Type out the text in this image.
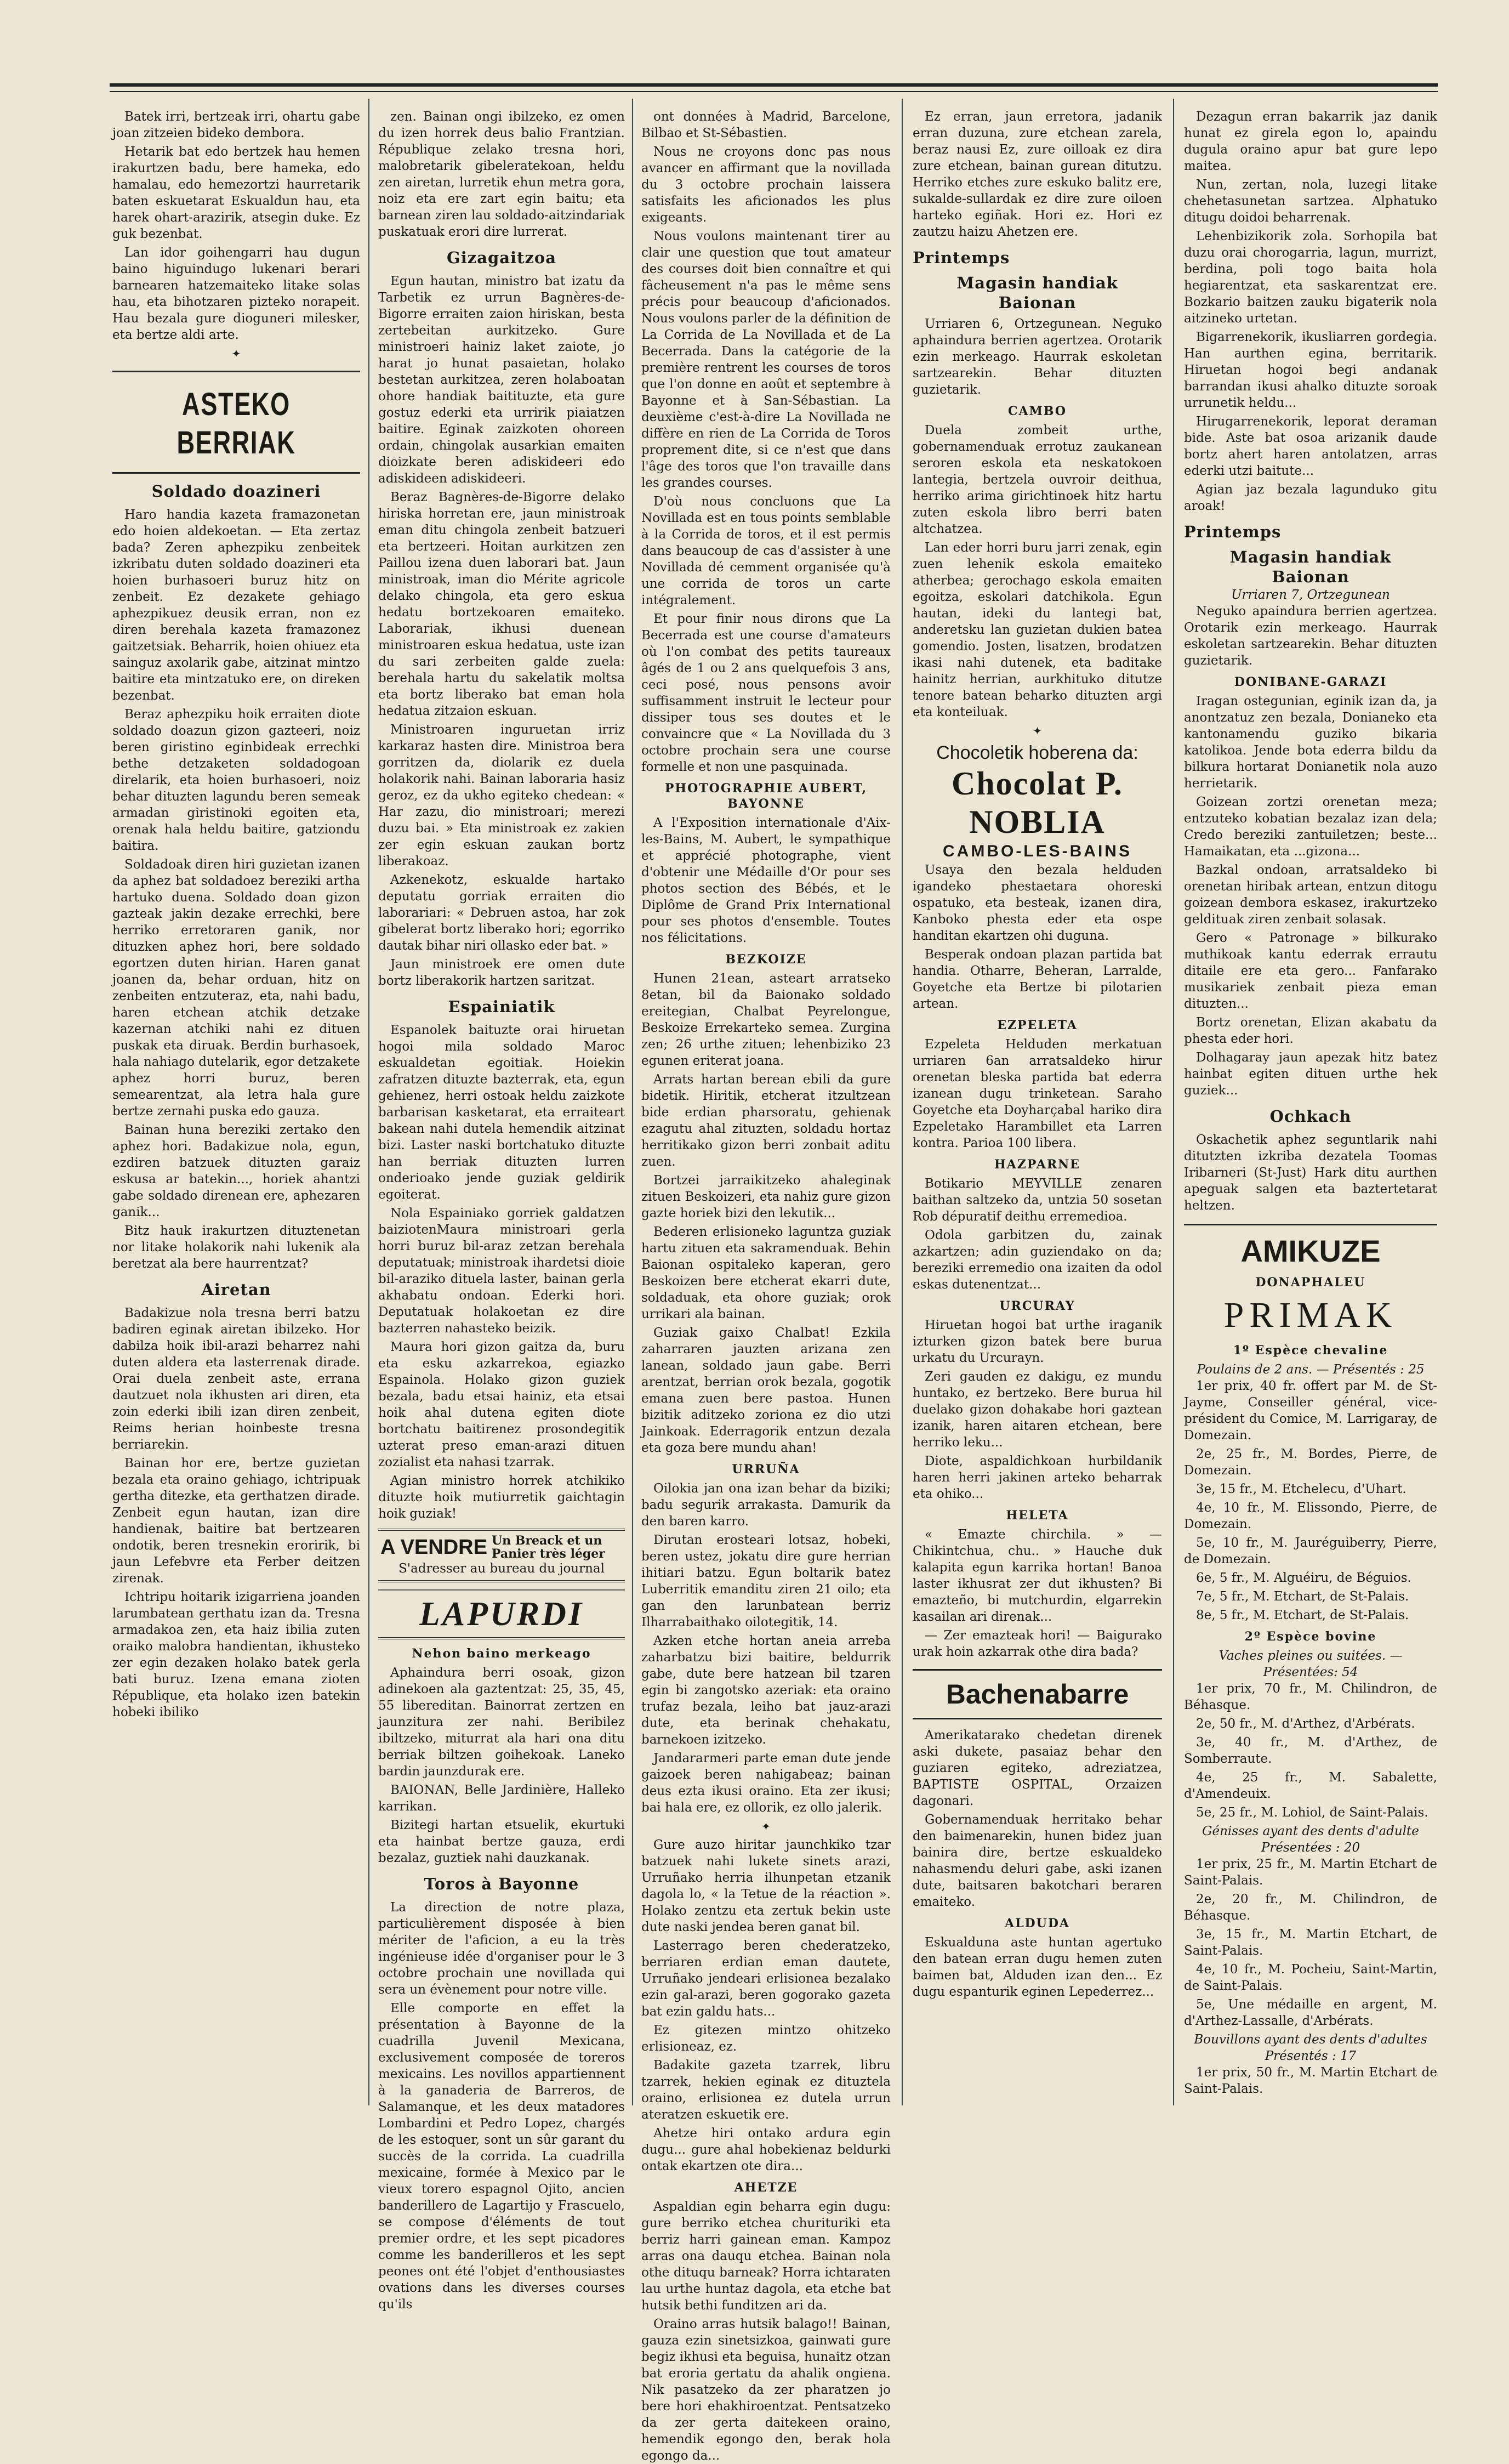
Batek irri, bertzeak irri, ohartu gabe joan zitzeien bideko dembora.

Hetarik bat edo bertzek hau hemen irakurtzen badu, bere hameka, edo hamalau, edo hemezortzi haurretarik baten eskuetarat Eskualdun hau, eta harek ohart-arazirik, atsegin duke. Ez guk bezenbat.

Lan idor goihengarri hau dugun baino higuindugo lukenari berari barnearen hatzemaiteko litake solas hau, eta bihotzaren pizteko norapeit. Hau bezala gure dioguneri milesker, eta bertze aldi arte.

✦
ASTEKO BERRIAK
Soldado doazineri

Haro handia kazeta framazonetan edo hoien aldekoetan. — Eta zertaz bada? Zeren aphezpiku zenbeitek izkribatu duten soldado doazineri eta hoien burhasoeri buruz hitz on zenbeit. Ez dezakete gehiago aphezpikuez deusik erran, non ez diren berehala kazeta framazonez gaitzetsiak. Beharrik, hoien ohiuez eta sainguz axolarik gabe, aitzinat mintzo baitire eta mintzatuko ere, on direken bezenbat.

Beraz aphezpiku hoik erraiten diote soldado doazun gizon gazteeri, noiz beren giristino eginbideak errechki bethe detzaketen soldadogoan direlarik, eta hoien burhasoeri, noiz behar dituzten lagundu beren semeak armadan giristinoki egoiten eta, orenak hala heldu baitire, gatziondu baitira.

Soldadoak diren hiri guzietan izanen da aphez bat soldadoez bereziki artha hartuko duena. Soldado doan gizon gazteak jakin dezake errechki, bere herriko erretoraren ganik, nor dituzken aphez hori, bere soldado egortzen duten hirian. Haren ganat joanen da, behar orduan, hitz on zenbeiten entzuteraz, eta, nahi badu, haren etchean atchik detzake kazernan atchiki nahi ez dituen puskak eta diruak. Berdin burhasoek, hala nahiago dutelarik, egor detzakete aphez horri buruz, beren semearentzat, ala letra hala gure bertze zernahi puska edo gauza.

Bainan huna bereziki zertako den aphez hori. Badakizue nola, egun, ezdiren batzuek dituzten garaiz eskusa ar batekin..., horiek ahantzi gabe soldado direnean ere, aphezaren ganik...

Bitz hauk irakurtzen dituztenetan nor litake holakorik nahi lukenik ala beretzat ala bere haurrentzat?

Airetan

Badakizue nola tresna berri batzu badiren eginak airetan ibilzeko. Hor dabilza hoik ibil-arazi beharrez nahi duten aldera eta lasterrenak dirade. Orai duela zenbeit aste, errana dautzuet nola ikhusten ari diren, eta zoin ederki ibili izan diren zenbeit, Reims herian hoinbeste tresna berriarekin.

Bainan hor ere, bertze guzietan bezala eta oraino gehiago, ichtripuak gertha ditezke, eta gerthatzen dirade. Zenbeit egun hautan, izan dire handienak, baitire bat bertzearen ondotik, beren tresnekin eroririk, bi jaun Lefebvre eta Ferber deitzen zirenak.

Ichtripu hoitarik izigarriena joanden larumbatean gerthatu izan da. Tresna armadakoa zen, eta haiz ibilia zuten oraiko malobra handientan, ikhusteko zer egin dezaken holako batek gerla bati buruz. Izena emana zioten République, eta holako izen batekin hobeki ibiliko

zen. Bainan ongi ibilzeko, ez omen du izen horrek deus balio Frantzian. République zelako tresna hori, malobretarik gibeleratekoan, heldu zen airetan, lurretik ehun metra gora, noiz eta ere zart egin baitu; eta barnean ziren lau soldado-aitzindariak puskatuak erori dire lurrerat.

Gizagaitzoa

Egun hautan, ministro bat izatu da Tarbetik ez urrun Bagnères-de-Bigorre erraiten zaion hiriskan, besta zertebeitan aurkitzeko. Gure ministroeri hainiz laket zaiote, jo harat jo hunat pasaietan, holako bestetan aurkitzea, zeren holaboatan ohore handiak baitituzte, eta gure gostuz ederki eta urririk piaiatzen baitire. Eginak zaizkoten ohoreen ordain, chingolak ausarkian emaiten dioizkate beren adiskideeri edo adiskideen adiskideeri.

Beraz Bagnères-de-Bigorre delako hiriska horretan ere, jaun ministroak eman ditu chingola zenbeit batzueri eta bertzeeri. Hoitan aurkitzen zen Paillou izena duen laborari bat. Jaun ministroak, iman dio Mérite agricole delako chingola, eta gero eskua hedatu bortzekoaren emaiteko. Laborariak, ikhusi duenean ministroaren eskua hedatua, uste izan du sari zerbeiten galde zuela: berehala hartu du sakelatik moltsa eta bortz liberako bat eman hola hedatua zitzaion eskuan.

Ministroaren inguruetan irriz karkaraz hasten dire. Ministroa bera gorritzen da, diolarik ez duela holakorik nahi. Bainan laboraria hasiz geroz, ez da ukho egiteko chedean: « Har zazu, dio ministroari; merezi duzu bai. » Eta ministroak ez zakien zer egin eskuan zaukan bortz liberakoaz.

Azkenekotz, eskualde hartako deputatu gorriak erraiten dio laborariari: « Debruen astoa, har zok gibelerat bortz liberako hori; egorriko dautak bihar niri ollasko eder bat. »

Jaun ministroek ere omen dute bortz liberakorik hartzen saritzat.

Espainiatik

Espanolek baituzte orai hiruetan hogoi mila soldado Maroc eskualdetan egoitiak. Hoiekin zafratzen dituzte bazterrak, eta, egun gehienez, herri ostoak heldu zaizkote barbarisan kasketarat, eta erraiteart bakean nahi dutela hemendik aitzinat bizi. Laster naski bortchatuko dituzte han berriak dituzten lurren onderioako jende guziak geldirik egoiterat.

Nola Espainiako gorriek galdatzen baiziotenMaura ministroari gerla horri buruz bil-araz zetzan berehala deputatuak; ministroak ihardetsi dioie bil-araziko dituela laster, bainan gerla akhabatu ondoan. Ederki hori. Deputatuak holakoetan ez dire bazterren nahasteko beizik.

Maura hori gizon gaitza da, buru eta esku azkarrekoa, egiazko Espainola. Holako gizon guziek bezala, badu etsai hainiz, eta etsai hoik ahal dutena egiten diote bortchatu baitirenez prosondegitik uzterat preso eman-arazi dituen zozialist eta nahasi tzarrak.

Agian ministro horrek atchikiko dituzte hoik mutiurretik gaichtagin hoik guziak!

A VENDRE Un Breack et un
Panier très léger
S'adresser au bureau du journal
LAPURDI
Nehon baino merkeago

Aphaindura berri osoak, gizon adinekoen ala gaztentzat: 25, 35, 45, 55 libereditan. Bainorrat zertzen en jaunzitura zer nahi. Beribilez ibiltzeko, miturrat ala hari ona ditu berriak biltzen goihekoak. Laneko bardin jaunzdurak ere.

BAIONAN, Belle Jardinière, Halleko karrikan.

Bizitegi hartan etsuelik, ekurtuki eta hainbat bertze gauza, erdi bezalaz, guztiek nahi dauzkanak.

Toros à Bayonne

La direction de notre plaza, particulièrement disposée à bien mériter de l'aficion, a eu la très ingénieuse idée d'organiser pour le 3 octobre prochain une novillada qui sera un évènement pour notre ville.

Elle comporte en effet la présentation à Bayonne de la cuadrilla Juvenil Mexicana, exclusivement composée de toreros mexicains. Les novillos appartiennent à la ganaderia de Barreros, de Salamanque, et les deux matadores Lombardini et Pedro Lopez, chargés de les estoquer, sont un sûr garant du succès de la corrida. La cuadrilla mexicaine, formée à Mexico par le vieux torero espagnol Ojito, ancien banderillero de Lagartijo y Frascuelo, se compose d'éléments de tout premier ordre, et les sept picadores comme les banderilleros et les sept peones ont été l'objet d'enthousiastes ovations dans les diverses courses qu'ils

ont données à Madrid, Barcelone, Bilbao et St-Sébastien.

Nous ne croyons donc pas nous avancer en affirmant que la novillada du 3 octobre prochain laissera satisfaits les aficionados les plus exigeants.

Nous voulons maintenant tirer au clair une question que tout amateur des courses doit bien connaître et qui fâcheusement n'a pas le même sens précis pour beaucoup d'aficionados. Nous voulons parler de la définition de La Corrida de La Novillada et de La Becerrada. Dans la catégorie de la première rentrent les courses de toros que l'on donne en août et septembre à Bayonne et à San-Sébastian. La deuxième c'est-à-dire La Novillada ne diffère en rien de La Corrida de Toros proprement dite, si ce n'est que dans l'âge des toros que l'on travaille dans les grandes courses.

D'où nous concluons que La Novillada est en tous points semblable à la Corrida de toros, et il est permis dans beaucoup de cas d'assister à une Novillada dé cemment organisée qu'à une corrida de toros un carte intégralement.

Et pour finir nous dirons que La Becerrada est une course d'amateurs où l'on combat des petits taureaux âgés de 1 ou 2 ans quelquefois 3 ans, ceci posé, nous pensons avoir suffisamment instruit le lecteur pour dissiper tous ses doutes et le convaincre que « La Novillada du 3 octobre prochain sera une course formelle et non une pasquinada.

PHOTOGRAPHIE AUBERT, BAYONNE

A l'Exposition internationale d'Aix-les-Bains, M. Aubert, le sympathique et apprécié photographe, vient d'obtenir une Médaille d'Or pour ses photos section des Bébés, et le Diplôme de Grand Prix International pour ses photos d'ensemble. Toutes nos félicitations.

BEZKOIZE

Hunen 21ean, asteart arratseko 8etan, bil da Baionako soldado ereitegian, Chalbat Peyrelongue, Beskoize Errekarteko semea. Zurgina zen; 26 urthe zituen; lehenbiziko 23 egunen eriterat joana.

Arrats hartan berean ebili da gure bidetik. Hiritik, etcherat itzultzean bide erdian pharsoratu, gehienak ezagutu ahal zituzten, soldadu hortaz herritikako gizon berri zonbait aditu zuen.

Bortzei jarraikitzeko ahaleginak zituen Beskoizeri, eta nahiz gure gizon gazte horiek bizi den lekutik...

Bederen erlisioneko laguntza guziak hartu zituen eta sakramenduak. Behin Baionan ospitaleko kaperan, gero Beskoizen bere etcherat ekarri dute, soldaduak, eta ohore guziak; orok urrikari ala bainan.

Guziak gaixo Chalbat! Ezkila zaharraren jauzten arizana zen lanean, soldado jaun gabe. Berri arentzat, berrian orok bezala, gogotik emana zuen bere pastoa. Hunen bizitik aditzeko zoriona ez dio utzi Jainkoak. Ederragorik entzun dezala eta goza bere mundu ahan!

URRUÑA

Oilokia jan ona izan behar da biziki; badu segurik arrakasta. Damurik da den baren karro.

Dirutan erosteari lotsaz, hobeki, beren ustez, jokatu dire gure herrian ihitiari batzu. Egun boltarik batez Luberritik emanditu ziren 21 oilo; eta gan den larunbatean berriz Ilharrabaithako oilotegitik, 14.

Azken etche hortan aneia arreba zaharbatzu bizi baitire, beldurrik gabe, dute bere hatzean bil tzaren egin bi zangotsko azeriak: eta oraino trufaz bezala, leiho bat jauz-arazi dute, eta berinak chehakatu, barnekoen izitzeko.

Jandararmeri parte eman dute jende gaizoek beren nahigabeaz; bainan deus ezta ikusi oraino. Eta zer ikusi; bai hala ere, ez ollorik, ez ollo jalerik.

✦

Gure auzo hiritar jaunchkiko tzar batzuek nahi lukete sinets arazi, Urruñako herria ilhunpetan etzanik dagola lo, « la Tetue de la réaction ». Holako zentzu eta zertuk bekin uste dute naski jendea beren ganat bil.

Lasterrago beren chederatzeko, berriaren erdian eman dautete, Urruñako jendeari erlisionea bezalako ezin gal-arazi, beren gogorako gazeta bat ezin galdu hats...

Ez gitezen mintzo ohitzeko erlisioneaz, ez.

Badakite gazeta tzarrek, libru tzarrek, hekien eginak ez dituztela oraino, erlisionea ez dutela urrun ateratzen eskuetik ere.

Ahetze hiri ontako ardura egin dugu... gure ahal hobekienaz beldurki ontak ekartzen ote dira...

AHETZE

Aspaldian egin beharra egin dugu: gure berriko etchea churituriki eta berriz harri gainean eman. Kampoz arras ona dauqu etchea. Bainan nola othe dituqu barneak? Horra ichtaraten lau urthe huntaz dagola, eta etche bat hutsik bethi funditzen ari da.

Oraino arras hutsik balago!! Bainan, gauza ezin sinetsizkoa, gainwati gure begiz ikhusi eta beguisa, hunaitz otzan bat eroria gertatu da ahalik ongiena. Nik pasatzeko da zer pharatzen jo bere hori ehakhiroentzat. Pentsatzeko da zer gerta daitekeen oraino, hemendik egongo den, berak hola egongo da...

Ez erran, jaun erretora, jadanik erran duzuna, zure etchean zarela, beraz nausi Ez, zure oilloak ez dira zure etchean, bainan gurean ditutzu. Herriko etches zure eskuko balitz ere, sukalde-sullardak ez dire zure oiloen harteko egiñak. Hori ez. Hori ez zautzu haizu Ahetzen ere.

Printemps
Magasin handiak
Baionan

Urriaren 6, Ortzegunean. Neguko aphaindura berrien agertzea. Orotarik ezin merkeago. Haurrak eskoletan sartzearekin. Behar dituzten guzietarik.

CAMBO

Duela zombeit urthe, gobernamenduak errotuz zaukanean seroren eskola eta neskatokoen lantegia, bertzela ouvroir deithua, herriko arima girichtinoek hitz hartu zuten eskola libro berri baten altchatzea.

Lan eder horri buru jarri zenak, egin zuen lehenik eskola emaiteko atherbea; gerochago eskola emaiten egoitza, eskolari datchikola. Egun hautan, ideki du lantegi bat, anderetsku lan guzietan dukien batea gomendio. Josten, lisatzen, brodatzen ikasi nahi dutenek, eta baditake hainitz herrian, aurkhituko ditutze tenore batean beharko dituzten argi eta konteiluak.

✦
Chocoletik hoberena da:
Chocolat P. NOBLIA
CAMBO-LES-BAINS

Usaya den bezala helduden igandeko phestaetara ohoreski ospatuko, eta besteak, izanen dira, Kanboko phesta eder eta ospe handitan ekartzen ohi duguna.

Besperak ondoan plazan partida bat handia. Otharre, Beheran, Larralde, Goyetche eta Bertze bi pilotarien artean.

EZPELETA

Ezpeleta Helduden merkatuan urriaren 6an arratsaldeko hirur orenetan bleska partida bat ederra izanean dugu trinketean. Saraho Goyetche eta Doyharçabal hariko dira Ezpeletako Harambillet eta Larren kontra. Parioa 100 libera.

HAZPARNE

Botikario MEYVILLE zenaren baithan saltzeko da, untzia 50 sosetan Rob dépuratif deithu erremedioa.

Odola garbitzen du, zainak azkartzen; adin guziendako on da; bereziki erremedio ona izaiten da odol eskas dutenentzat...

URCURAY

Hiruetan hogoi bat urthe iraganik izturken gizon batek bere burua urkatu du Urcurayn.

Zeri gauden ez dakigu, ez mundu huntako, ez bertzeko. Bere burua hil duelako gizon dohakabe hori gaztean izanik, haren aitaren etchean, bere herriko leku...

Diote, aspaldichkoan hurbildanik haren herri jakinen arteko beharrak eta ohiko...

HELETA

« Emazte chirchila. » — Chikintchua, chu.. » Hauche duk kalapita egun karrika hortan! Banoa laster ikhusrat zer dut ikhusten? Bi emazteño, bi mutchurdin, elgarrekin kasailan ari direnak...

— Zer emazteak hori! — Baigurako urak hoin azkarrak othe dira bada?

Bachenabarre

Amerikatarako chedetan direnek aski dukete, pasaiaz behar den guziaren egiteko, adreziatzea, BAPTISTE OSPITAL, Orzaizen dagonari.

Gobernamenduak herritako behar den baimenarekin, hunen bidez juan bainira dire, bertze eskualdeko nahasmendu deluri gabe, aski izanen dute, baitsaren bakotchari beraren emaiteko.

ALDUDA

Eskualduna aste huntan agertuko den batean erran dugu hemen zuten baimen bat, Alduden izan den... Ez dugu espanturik eginen Lepederrez...

Dezagun erran bakarrik jaz danik hunat ez girela egon lo, apaindu dugula oraino apur bat gure lepo maitea.

Nun, zertan, nola, luzegi litake chehetasunetan sartzea. Alphatuko ditugu doidoi beharrenak.

Lehenbizikorik zola. Sorhopila bat duzu orai chorogarria, lagun, murrizt, berdina, poli togo baita hola hegiarentzat, eta saskarentzat ere. Bozkario baitzen zauku bigaterik nola aitzineko urtetan.

Bigarrenekorik, ikusliarren gordegia. Han aurthen egina, berritarik. Hiruetan hogoi begi andanak barrandan ikusi ahalko dituzte soroak urrunetik heldu...

Hirugarrenekorik, leporat deraman bide. Aste bat osoa arizanik daude bortz ahert haren antolatzen, arras ederki utzi baitute...

Agian jaz bezala lagunduko gitu aroak!

Printemps
Magasin handiak
Baionan
Urriaren 7, Ortzegunean

Neguko apaindura berrien agertzea. Orotarik ezin merkeago. Haurrak eskoletan sartzearekin. Behar dituzten guzietarik.

DONIBANE-GARAZI

Iragan ostegunian, eginik izan da, ja anontzatuz zen bezala, Donianeko eta kantonamendu guziko bikaria katolikoa. Jende bota ederra bildu da bilkura hortarat Donianetik nola auzo herrietarik.

Goizean zortzi orenetan meza; entzuteko kobatian bezalaz izan dela; Credo bereziki zantuiletzen; beste... Hamaikatan, eta ...gizona...

Bazkal ondoan, arratsaldeko bi orenetan hiribak artean, entzun ditogu goizean dembora eskasez, irakurtzeko geldituak ziren zenbait solasak.

Gero « Patronage » bilkurako muthikoak kantu ederrak errautu ditaile ere eta gero... Fanfarako musikariek zenbait pieza eman dituzten...

Bortz orenetan, Elizan akabatu da phesta eder hori.

Dolhagaray jaun apezak hitz batez hainbat egiten dituen urthe hek guziek...

Ochkach

Oskachetik aphez seguntlarik nahi ditutzten izkriba dezatela Toomas Iribarneri (St-Just) Hark ditu aurthen apeguak salgen eta baztertetarat heltzen.

AMIKUZE
DONAPHALEU
PRIMAK
1º Espèce chevaline
Poulains de 2 ans. — Présentés : 25

1er prix, 40 fr. offert par M. de St-Jayme, Conseiller général, vice-président du Comice, M. Larrigaray, de Domezain.

2e, 25 fr., M. Bordes, Pierre, de Domezain.

3e, 15 fr., M. Etchelecu, d'Uhart.

4e, 10 fr., M. Elissondo, Pierre, de Domezain.

5e, 10 fr., M. Jauréguiberry, Pierre, de Domezain.

6e, 5 fr., M. Alguéiru, de Béguios.

7e, 5 fr., M. Etchart, de St-Palais.

8e, 5 fr., M. Etchart, de St-Palais.

2º Espèce bovine
Vaches pleines ou suitées. — Présentées: 54

1er prix, 70 fr., M. Chilindron, de Béhasque.

2e, 50 fr., M. d'Arthez, d'Arbérats.

3e, 40 fr., M. d'Arthez, de Somberraute.

4e, 25 fr., M. Sabalette, d'Amendeuix.

5e, 25 fr., M. Lohiol, de Saint-Palais.

Génisses ayant des dents d'adulte
Présentées : 20

1er prix, 25 fr., M. Martin Etchart de Saint-Palais.

2e, 20 fr., M. Chilindron, de Béhasque.

3e, 15 fr., M. Martin Etchart, de Saint-Palais.

4e, 10 fr., M. Pocheiu, Saint-Martin, de Saint-Palais.

5e, Une médaille en argent, M. d'Arthez-Lassalle, d'Arbérats.

Bouvillons ayant des dents d'adultes
Présentés : 17

1er prix, 50 fr., M. Martin Etchart de Saint-Palais.
